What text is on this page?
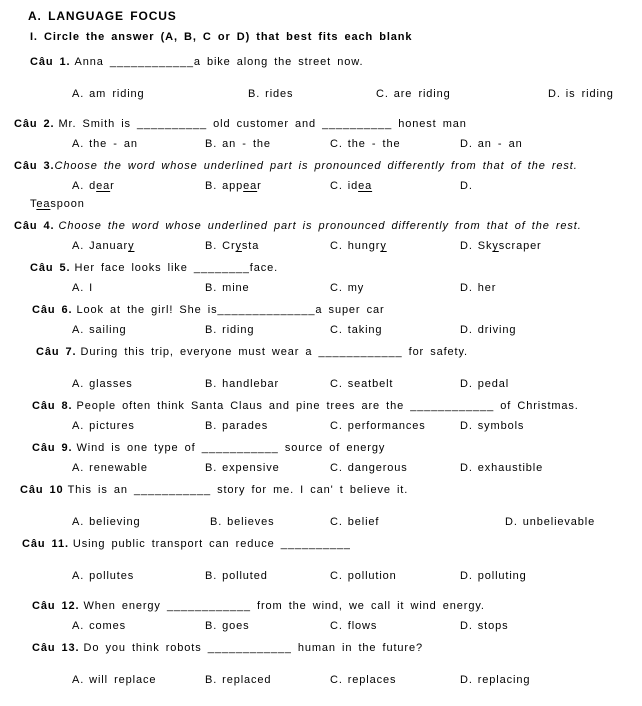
A. LANGUAGE FOCUS
I. Circle the answer (A, B, C or D) that best fits each blank
Câu 1. Anna ____________a bike along the street now.
A. am riding	B. rides	C. are riding	D. is riding
Câu 2. Mr. Smith is __________ old customer and __________ honest man
A. the - an	B. an - the	C. the - the	D. an - an
Câu 3.Choose the word whose underlined part is pronounced differently from that of the rest.
A. dear	B. appear	C. idea	D.
Teaspoon
Câu 4. Choose the word whose underlined part is pronounced differently from that of the rest.
A. January	B. Crysta	C. hungry	D. Skyscraper
Câu 5. Her face looks like ________face.
A. I	B. mine	C. my	D. her
Câu 6. Look at the girl! She is______________a super car
A. sailing	B. riding	C. taking	D. driving
Câu 7. During this trip, everyone must wear a ____________ for safety.
A. glasses	B. handlebar	C. seatbelt	D. pedal
Câu 8. People often think Santa Claus and pine trees are the ____________ of Christmas.
A. pictures	B. parades	C. performances	D. symbols
Câu 9. Wind is one type of ___________ source of energy
A. renewable	B. expensive	C. dangerous	D. exhaustible
Câu 10 This is an ___________ story for me. I can' t believe it.
A. believing	B. believes	C. belief	D. unbelievable
Câu 11. Using public transport can reduce __________
A. pollutes	B. polluted	C. pollution	D. polluting
Câu 12. When energy ____________ from the wind, we call it wind energy.
A. comes	B. goes	C. flows	D. stops
Câu 13. Do you think robots ____________ human in the future?
A. will replace	B. replaced	C. replaces	D. replacing
